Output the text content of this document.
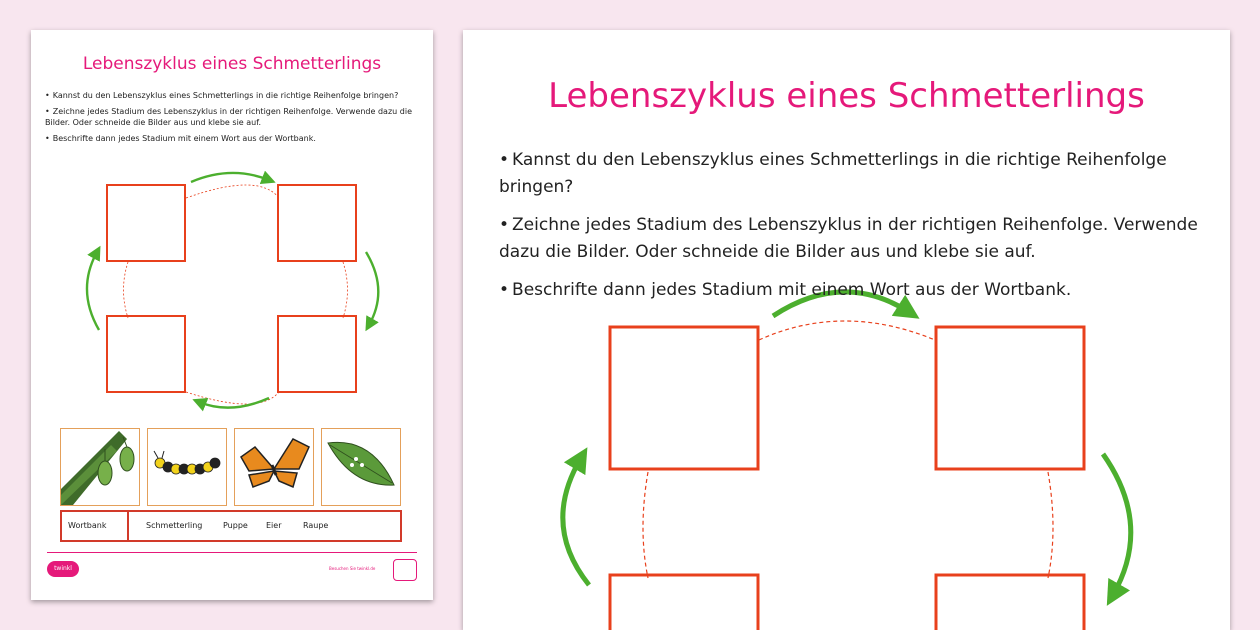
Lebenszyklus eines Schmetterlings
• Kannst du den Lebenszyklus eines Schmetterlings in die richtige Reihenfolge bringen?
• Zeichne jedes Stadium des Lebenszyklus in der richtigen Reihenfolge. Verwende dazu die Bilder. Oder schneide die Bilder aus und klebe sie auf.
• Beschrifte dann jedes Stadium mit einem Wort aus der Wortbank.
Wortbank	Schmetterling	Puppe Eier	Raupe
twinkl	Besuchen Sie twinkl.de
Lebenszyklus eines Schmetterlings
• Kannst du den Lebenszyklus eines Schmetterlings in die richtige Reihenfolge bringen?
• Zeichne jedes Stadium des Lebenszyklus in der richtigen Reihenfolge. Verwende dazu die Bilder. Oder schneide die Bilder aus und klebe sie auf.
• Beschrifte dann jedes Stadium mit einem Wort aus der Wortbank.
